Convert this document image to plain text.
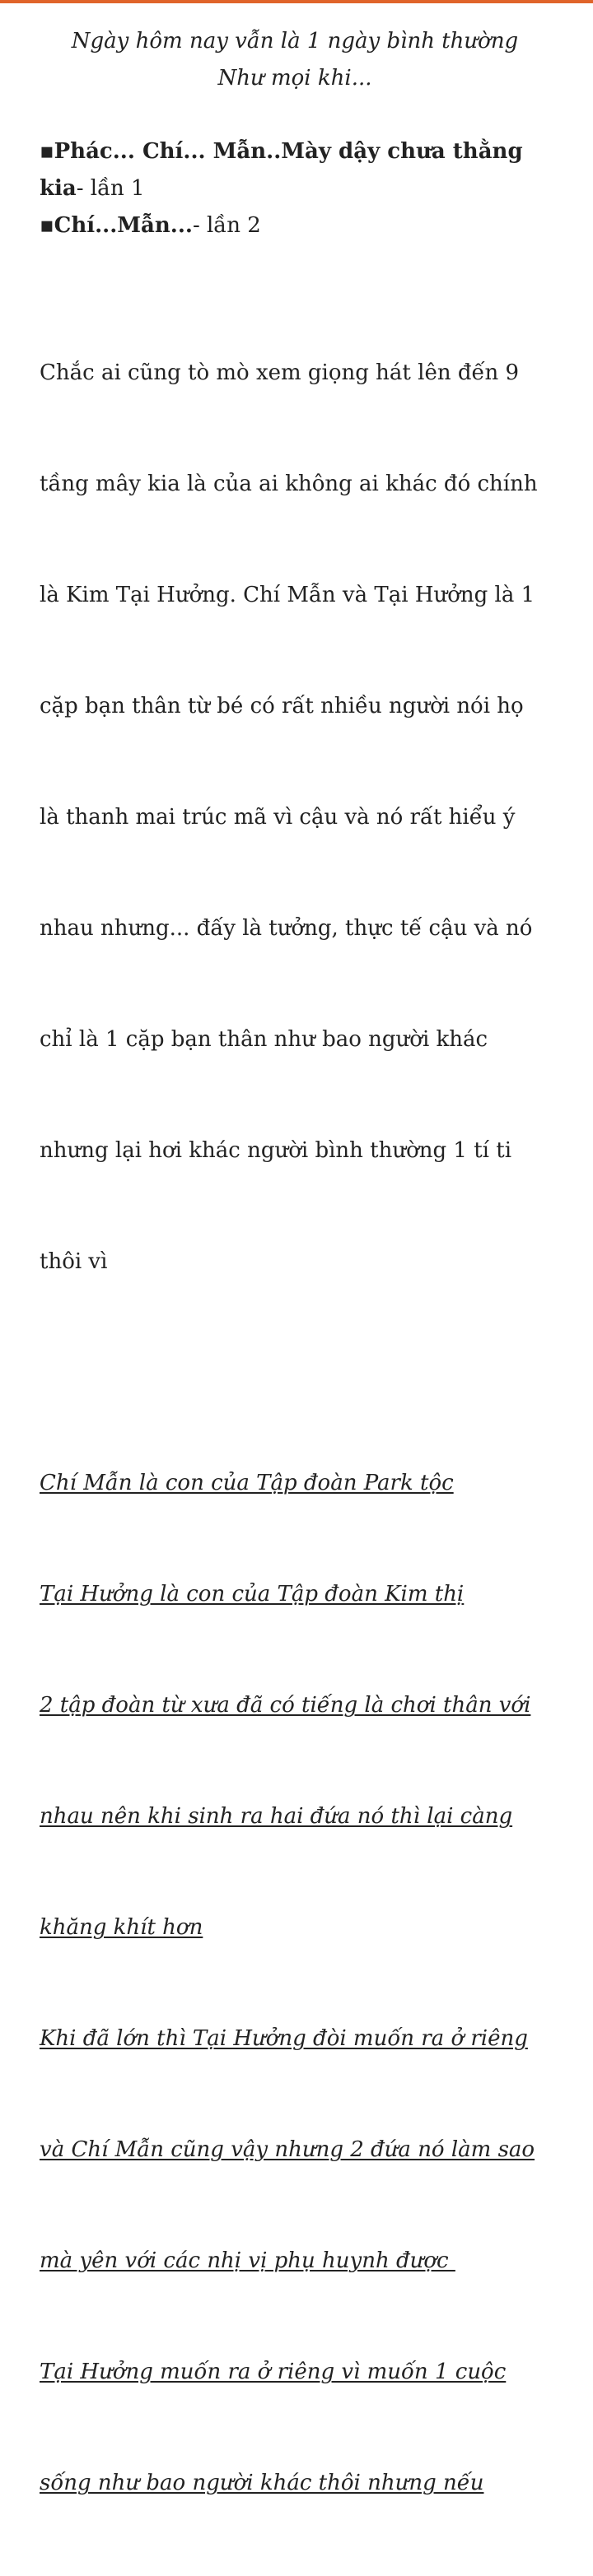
Ngày hôm nay vẫn là 1 ngày bình thường

Như mọi khi...

▪Phác... Chí... Mẫn..Mày dậy chưa thằng kia- lần 1

▪Chí...Mẫn...- lần 2

Chắc ai cũng tò mò xem giọng hát lên đến 9

tầng mây kia là của ai không ai khác đó chính

là Kim Tại Hưởng. Chí Mẫn và Tại Hưởng là 1

cặp bạn thân từ bé có rất nhiều người nói họ

là thanh mai trúc mã vì cậu và nó rất hiểu ý

nhau nhưng... đấy là tưởng, thực tế cậu và nó

chỉ là 1 cặp bạn thân như bao người khác

nhưng lại hơi khác người bình thường 1 tí ti

thôi vì

Chí Mẫn là con của Tập đoàn Park tộc

Tại Hưởng là con của Tập đoàn Kim thị

2 tập đoàn từ xưa đã có tiếng là chơi thân với

nhau nên khi sinh ra hai đứa nó thì lại càng

khăng khít hơn

Khi đã lớn thì Tại Hưởng đòi muốn ra ở riêng

và Chí Mẫn cũng vậy nhưng 2 đứa nó làm sao

mà yên với các nhị vị phụ huynh được

Tại Hưởng muốn ra ở riêng vì muốn 1 cuộc

sống như bao người khác thôi nhưng nếu
